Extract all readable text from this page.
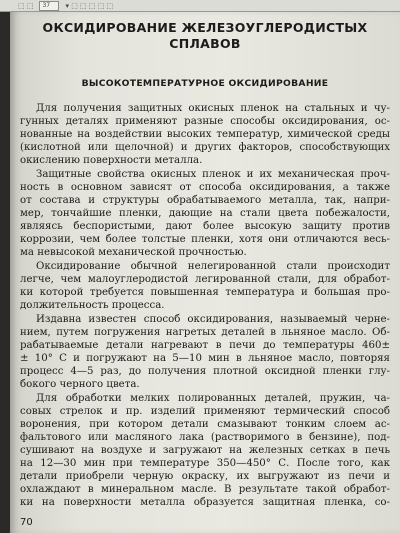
⬚ ⬚	37	▾ ⬚ ⬚ ⬚ ⬚ ⬚
ОКСИДИРОВАНИЕ ЖЕЛЕЗОУГЛЕРОДИСТЫХ
СПЛАВОВ
ВЫСОКОТЕМПЕРАТУРНОЕ ОКСИДИРОВАНИЕ
Для получения защитных окисных пленок на стальных и чу-
гунных деталях применяют разные способы оксидирования, ос-
нованные на воздействии высоких температур, химической среды
(кислотной или щелочной) и других факторов, способствующих
окислению поверхности металла.
Защитные свойства окисных пленок и их механическая проч-
ность в основном зависят от способа оксидирования, а также
от состава и структуры обрабатываемого металла, так, напри-
мер, тончайшие пленки, дающие на стали цвета побежалости,
являясь беспористыми, дают более высокую защиту против
коррозии, чем более толстые пленки, хотя они отличаются весь-
ма невысокой механической прочностью.
Оксидирование обычной нелегированной стали происходит
легче, чем малоуглеродистой легированной стали, для обработ-
ки которой требуется повышенная температура и большая про-
должительность процесса.
Издавна известен способ оксидирования, называемый черне-
нием, путем погружения нагретых деталей в льняное масло. Об-
рабатываемые детали нагревают в печи до температуры 460±
± 10° С и погружают на 5—10 мин в льняное масло, повторяя
процесс 4—5 раз, до получения плотной оксидной пленки глу-
бокого черного цвета.
Для обработки мелких полированных деталей, пружин, ча-
совых стрелок и пр. изделий применяют термический способ
воронения, при котором детали смазывают тонким слоем ас-
фальтового или масляного лака (растворимого в бензине), под-
сушивают на воздухе и загружают на железных сетках в печь
на 12—30 мин при температуре 350—450° С. После того, как
детали приобрели черную окраску, их выгружают из печи и
охлаждают в минеральном масле. В результате такой обработ-
ки на поверхности металла образуется защитная пленка, со-
70
